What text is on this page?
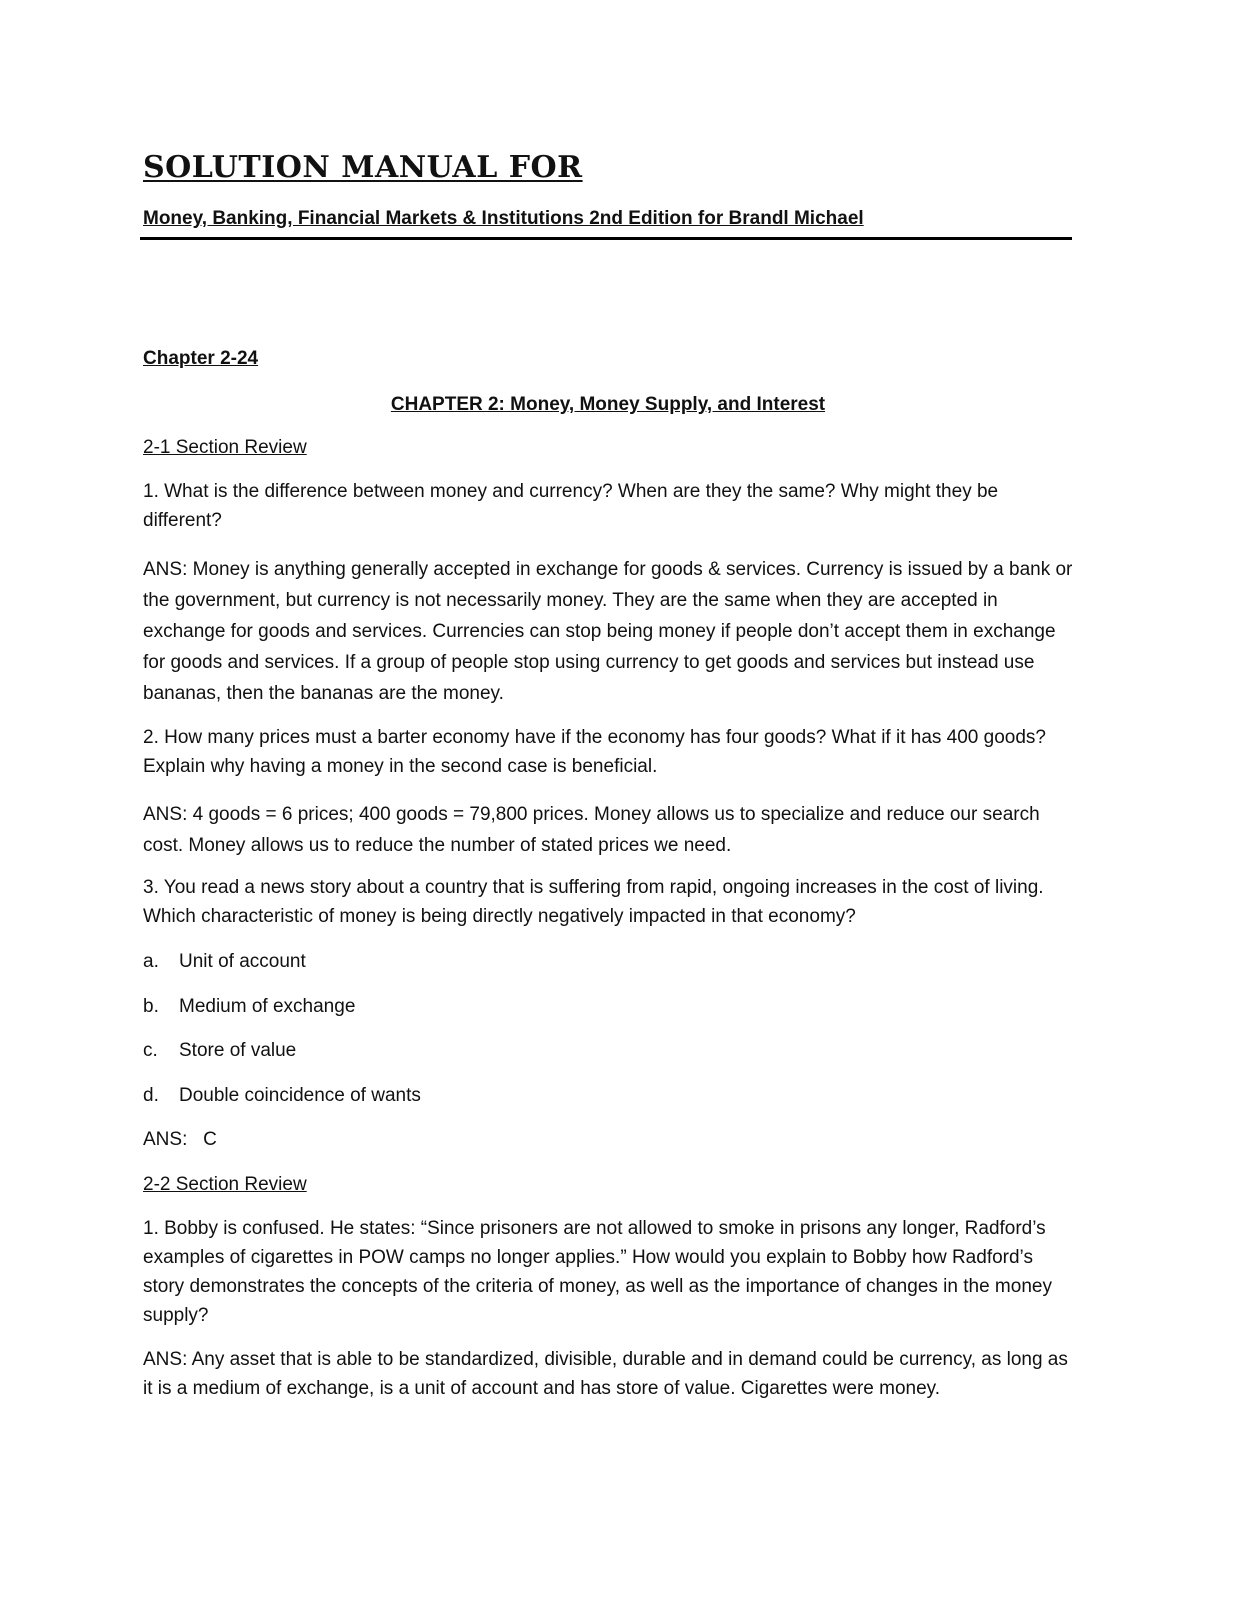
SOLUTION MANUAL FOR
Money, Banking, Financial Markets & Institutions 2nd Edition for Brandl Michael
Chapter 2-24
CHAPTER 2: Money, Money Supply, and Interest
2-1 Section Review
1. What is the difference between money and currency? When are they the same? Why might they be different?
ANS: Money is anything generally accepted in exchange for goods & services. Currency is issued by a bank or the government, but currency is not necessarily money. They are the same when they are accepted in exchange for goods and services. Currencies can stop being money if people don’t accept them in exchange for goods and services. If a group of people stop using currency to get goods and services but instead use bananas, then the bananas are the money.
2. How many prices must a barter economy have if the economy has four goods? What if it has 400 goods? Explain why having a money in the second case is beneficial.
ANS: 4 goods = 6 prices; 400 goods = 79,800 prices. Money allows us to specialize and reduce our search cost. Money allows us to reduce the number of stated prices we need.
3. You read a news story about a country that is suffering from rapid, ongoing increases in the cost of living. Which characteristic of money is being directly negatively impacted in that economy?
a. Unit of account
b. Medium of exchange
c. Store of value
d. Double coincidence of wants
ANS:   C
2-2 Section Review
1. Bobby is confused. He states: “Since prisoners are not allowed to smoke in prisons any longer, Radford’s examples of cigarettes in POW camps no longer applies.” How would you explain to Bobby how Radford’s story demonstrates the concepts of the criteria of money, as well as the importance of changes in the money supply?
ANS: Any asset that is able to be standardized, divisible, durable and in demand could be currency, as long as it is a medium of exchange, is a unit of account and has store of value. Cigarettes were money.
